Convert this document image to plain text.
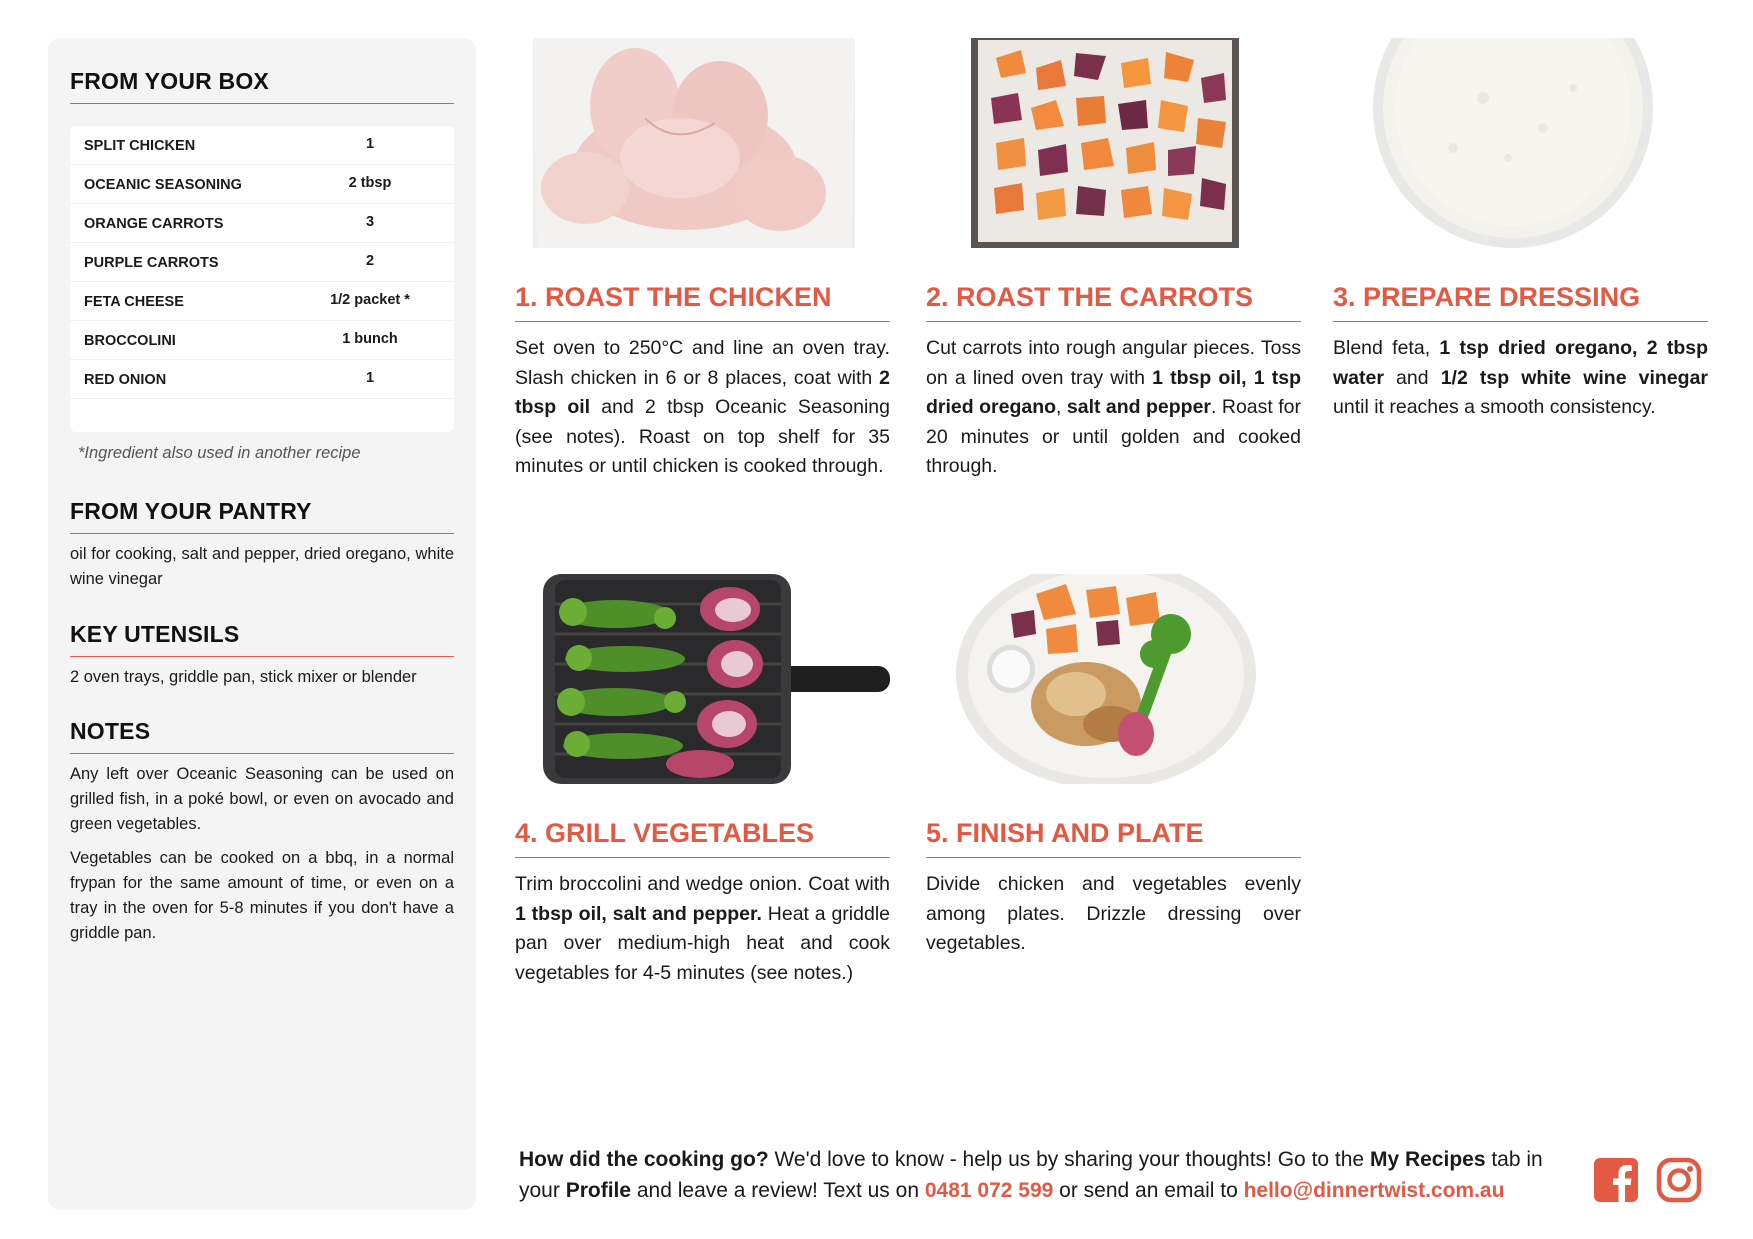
FROM YOUR BOX
SPLIT CHICKEN	1
OCEANIC SEASONING	2 tbsp
ORANGE CARROTS	3
PURPLE CARROTS	2
FETA CHEESE	1/2 packet *
BROCCOLINI	1 bunch
RED ONION	1
*Ingredient also used in another recipe
FROM YOUR PANTRY

oil for cooking, salt and pepper, dried oregano, white wine vinegar

KEY UTENSILS

2 oven trays, griddle pan, stick mixer or blender

NOTES

Any left over Oceanic Seasoning can be used on grilled fish, in a poké bowl, or even on avocado and green vegetables.

Vegetables can be cooked on a bbq, in a normal frypan for the same amount of time, or even on a tray in the oven for 5-8 minutes if you don't have a griddle pan.

1. ROAST THE CHICKEN	2. ROAST THE CARROTS	3. PREPARE DRESSING
4. GRILL VEGETABLES	5. FINISH AND PLATE

Set oven to 250°C and line an oven tray. Slash chicken in 6 or 8 places, coat with 2 tbsp oil and 2 tbsp Oceanic Seasoning (see notes). Roast on top shelf for 35 minutes or until chicken is cooked through.

Cut carrots into rough angular pieces. Toss on a lined oven tray with 1 tbsp oil, 1 tsp dried oregano, salt and pepper. Roast for 20 minutes or until golden and cooked through.

Blend feta, 1 tsp dried oregano, 2 tbsp water and 1/2 tsp white wine vinegar until it reaches a smooth consistency.

Trim broccolini and wedge onion. Coat with 1 tbsp oil, salt and pepper. Heat a griddle pan over medium-high heat and cook vegetables for 4-5 minutes (see notes.)

Divide chicken and vegetables evenly among plates. Drizzle dressing over vegetables.

How did the cooking go? We'd love to know - help us by sharing your thoughts! Go to the My Recipes tab in your Profile and leave a review! Text us on 0481 072 599 or send an email to hello@dinnertwist.com.au
